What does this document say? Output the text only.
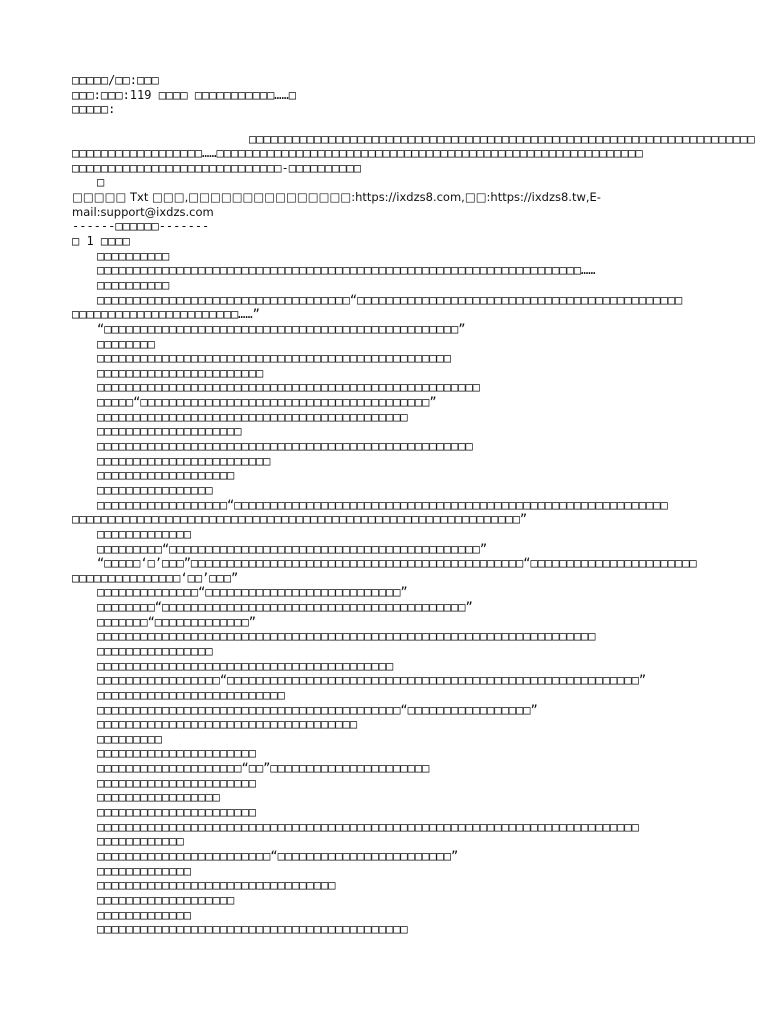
□□□□□/□□:□□□
□□□:□□□:119 □□□□ □□□□□□□□□□□……□
□□□□□:
□□□□□□□□□□□□□□□□□□□□□□□□□□□□□□□□□□□□□□□□□□□□□□□□□□□□□□□□□□□□□□□□□□□□□□
□□□□□□□□□□□□□□□□□□……□□□□□□□□□□□□□□□□□□□□□□□□□□□□□□□□□□□□□□□□□□□□□□□□□□□□□□□□□□□
□□□□□□□□□□□□□□□□□□□□□□□□□□□□□-□□□□□□□□□□
□
□□□□□ Txt □□□,□□□□□□□□□□□□□□□:https://ixdzs8.com,□□:https://ixdzs8.tw,E-
mail:support@ixdzs.com
------□□□□□□-------
□ 1 □□□□
□□□□□□□□□□
□□□□□□□□□□□□□□□□□□□□□□□□□□□□□□□□□□□□□□□□□□□□□□□□□□□□□□□□□□□□□□□□□□□……
□□□□□□□□□□
□□□□□□□□□□□□□□□□□□□□□□□□□□□□□□□□□□□“□□□□□□□□□□□□□□□□□□□□□□□□□□□□□□□□□□□□□□□□□□□□□
□□□□□□□□□□□□□□□□□□□□□□□……”
“□□□□□□□□□□□□□□□□□□□□□□□□□□□□□□□□□□□□□□□□□□□□□□□□□”
□□□□□□□□
□□□□□□□□□□□□□□□□□□□□□□□□□□□□□□□□□□□□□□□□□□□□□□□□□
□□□□□□□□□□□□□□□□□□□□□□□
□□□□□□□□□□□□□□□□□□□□□□□□□□□□□□□□□□□□□□□□□□□□□□□□□□□□□
□□□□□“□□□□□□□□□□□□□□□□□□□□□□□□□□□□□□□□□□□□□□□□”
□□□□□□□□□□□□□□□□□□□□□□□□□□□□□□□□□□□□□□□□□□□
□□□□□□□□□□□□□□□□□□□□
□□□□□□□□□□□□□□□□□□□□□□□□□□□□□□□□□□□□□□□□□□□□□□□□□□□□
□□□□□□□□□□□□□□□□□□□□□□□□
□□□□□□□□□□□□□□□□□□□
□□□□□□□□□□□□□□□□
□□□□□□□□□□□□□□□□□□“□□□□□□□□□□□□□□□□□□□□□□□□□□□□□□□□□□□□□□□□□□□□□□□□□□□□□□□□□□□□
□□□□□□□□□□□□□□□□□□□□□□□□□□□□□□□□□□□□□□□□□□□□□□□□□□□□□□□□□□□□□□”
□□□□□□□□□□□□□
□□□□□□□□□“□□□□□□□□□□□□□□□□□□□□□□□□□□□□□□□□□□□□□□□□□□□”
“□□□□□‘□’□□□”□□□□□□□□□□□□□□□□□□□□□□□□□□□□□□□□□□□□□□□□□□□□□□“□□□□□□□□□□□□□□□□□□□□□□□
□□□□□□□□□□□□□□□‘□□’□□□”
□□□□□□□□□□□□□□“□□□□□□□□□□□□□□□□□□□□□□□□□□□”
□□□□□□□□“□□□□□□□□□□□□□□□□□□□□□□□□□□□□□□□□□□□□□□□□□□”
□□□□□□□“□□□□□□□□□□□□□”
□□□□□□□□□□□□□□□□□□□□□□□□□□□□□□□□□□□□□□□□□□□□□□□□□□□□□□□□□□□□□□□□□□□□□
□□□□□□□□□□□□□□□□
□□□□□□□□□□□□□□□□□□□□□□□□□□□□□□□□□□□□□□□□□
□□□□□□□□□□□□□□□□□“□□□□□□□□□□□□□□□□□□□□□□□□□□□□□□□□□□□□□□□□□□□□□□□□□□□□□□□□□”
□□□□□□□□□□□□□□□□□□□□□□□□□□
□□□□□□□□□□□□□□□□□□□□□□□□□□□□□□□□□□□□□□□□□□“□□□□□□□□□□□□□□□□□”
□□□□□□□□□□□□□□□□□□□□□□□□□□□□□□□□□□□□
□□□□□□□□□
□□□□□□□□□□□□□□□□□□□□□□
□□□□□□□□□□□□□□□□□□□□“□□”□□□□□□□□□□□□□□□□□□□□□□
□□□□□□□□□□□□□□□□□□□□□□
□□□□□□□□□□□□□□□□□
□□□□□□□□□□□□□□□□□□□□□□
□□□□□□□□□□□□□□□□□□□□□□□□□□□□□□□□□□□□□□□□□□□□□□□□□□□□□□□□□□□□□□□□□□□□□□□□□□□
□□□□□□□□□□□□
□□□□□□□□□□□□□□□□□□□□□□□□“□□□□□□□□□□□□□□□□□□□□□□□□”
□□□□□□□□□□□□□
□□□□□□□□□□□□□□□□□□□□□□□□□□□□□□□□□
□□□□□□□□□□□□□□□□□□□
□□□□□□□□□□□□□
□□□□□□□□□□□□□□□□□□□□□□□□□□□□□□□□□□□□□□□□□□□
